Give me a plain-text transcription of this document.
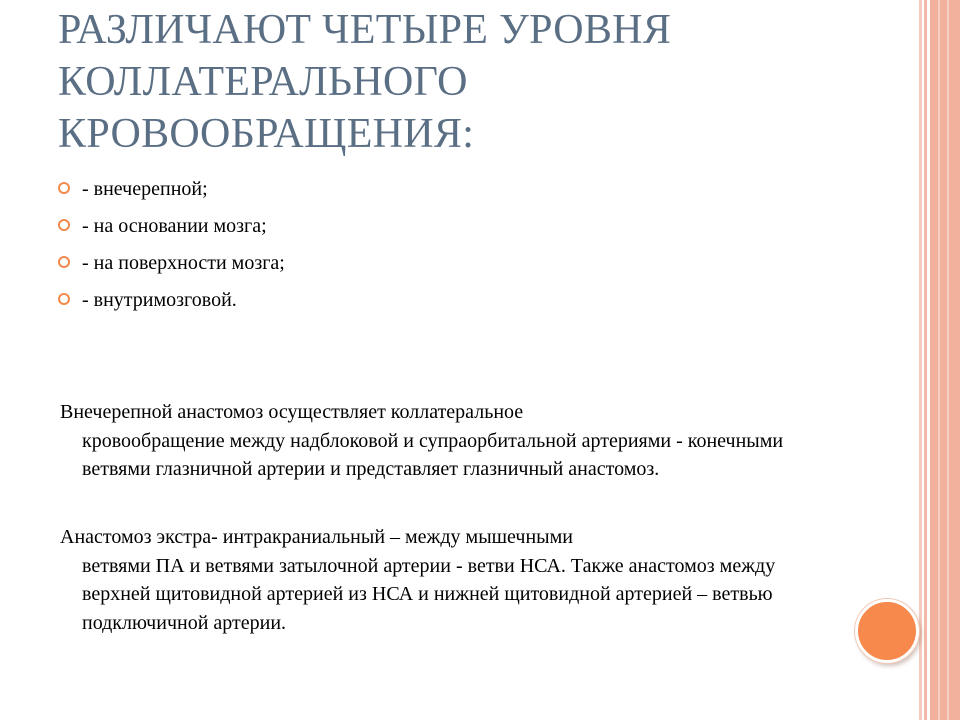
РАЗЛИЧАЮТ ЧЕТЫРЕ УРОВНЯ
КОЛЛАТЕРАЛЬНОГО
КРОВООБРАЩЕНИЯ:
- внечерепной;
- на основании мозга;
- на поверхности мозга;
- внутримозговой.

Внечерепной анастомоз осуществляет коллатеральное
кровообращение между надблоковой и супраорбитальной артериями - конечными ветвями глазничной артерии и представляет глазничный анастомоз.

Анастомоз экстра- интракраниальный – между мышечными
ветвями ПА и ветвями затылочной артерии - ветви НСА. Также анастомоз между верхней щитовидной артерией из НСА и нижней щитовидной артерией – ветвью подключичной артерии.
